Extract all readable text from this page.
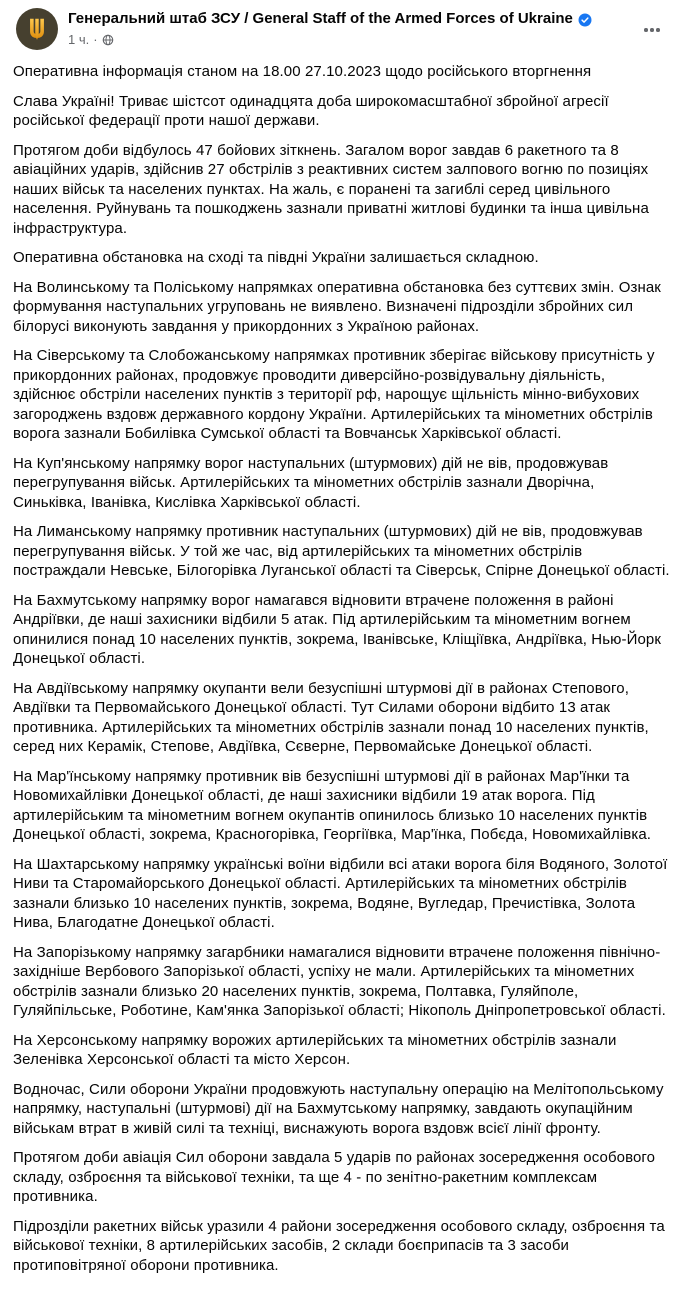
Генеральний штаб ЗСУ / General Staff of the Armed Forces of Ukraine
1 ч. ·

Оперативна інформація станом на 18.00 27.10.2023 щодо російського вторгнення

Слава Україні! Триває шістсот одинадцята доба широкомасштабної збройної агресії російської федерації проти нашої держави.

Протягом доби відбулось 47 бойових зіткнень. Загалом ворог завдав 6 ракетного та 8 авіаційних ударів, здійснив 27 обстрілів з реактивних систем залпового вогню по позиціях наших військ та населених пунктах. На жаль, є поранені та загиблі серед цивільного населення. Руйнувань та пошкоджень зазнали приватні житлові будинки та інша цивільна інфраструктура.

Оперативна обстановка на сході та півдні України залишається складною.

На Волинському та Поліському напрямках оперативна обстановка без суттєвих змін. Ознак формування наступальних угруповань не виявлено. Визначені підрозділи збройних сил білорусі виконують завдання у прикордонних з Україною районах.

На Сіверському та Слобожанському напрямках противник зберігає військову присутність у прикордонних районах, продовжує проводити диверсійно-розвідувальну діяльність, здійснює обстріли населених пунктів з території рф, нарощує щільність мінно-вибухових загороджень вздовж державного кордону України. Артилерійських та мінометних обстрілів ворога зазнали Бобилівка Сумської області та Вовчанськ Харківської області.

На Куп'янському напрямку ворог наступальних (штурмових) дій не вів, продовжував перегрупування військ. Артилерійських та мінометних обстрілів зазнали Дворічна, Синьківка, Іванівка, Кислівка Харківської області.

На Лиманському напрямку противник наступальних (штурмових) дій не вів, продовжував перегрупування військ. У той же час, від артилерійських та мінометних обстрілів постраждали Невське, Білогорівка Луганської області та Сіверськ, Спірне Донецької області.

На Бахмутському напрямку ворог намагався відновити втрачене положення в районі Андріївки, де наші захисники відбили 5 атак. Під артилерійським та мінометним вогнем опинилися понад 10 населених пунктів, зокрема, Іванівське, Кліщіївка, Андріївка, Нью-Йорк Донецької області.

На Авдіївському напрямку окупанти вели безуспішні штурмові дії в районах Степового, Авдіївки та Первомайського Донецької області. Тут Силами оборони відбито 13 атак противника. Артилерійських та мінометних обстрілів зазнали понад 10 населених пунктів, серед них Керамік, Степове, Авдіївка, Сєверне, Первомайське Донецької області.

На Мар'їнському напрямку противник вів безуспішні штурмові дії в районах Мар'їнки та Новомихайлівки Донецької області, де наші захисники відбили 19 атак ворога. Під артилерійським та мінометним вогнем окупантів опинилось близько 10 населених пунктів Донецької області, зокрема, Красногорівка, Георгіївка, Мар'їнка, Побєда, Новомихайлівка.

На Шахтарському напрямку українські воїни відбили всі атаки ворога біля Водяного, Золотої Ниви та Старомайорського Донецької області. Артилерійських та мінометних обстрілів зазнали близько 10 населених пунктів, зокрема, Водяне, Вугледар, Пречистівка, Золота Нива, Благодатне Донецької області.

На Запорізькому напрямку загарбники намагалися відновити втрачене положення північно-західніше Вербового Запорізької області, успіху не мали. Артилерійських та мінометних обстрілів зазнали близько 20 населених пунктів, зокрема, Полтавка, Гуляйполе, Гуляйпільське, Роботине, Кам'янка Запорізької області; Нікополь Дніпропетровської області.

На Херсонському напрямку ворожих артилерійських та мінометних обстрілів зазнали Зеленівка Херсонської області та місто Херсон.

Водночас, Сили оборони України продовжують наступальну операцію на Мелітопольському напрямку, наступальні (штурмові) дії на Бахмутському напрямку, завдають окупаційним військам втрат в живій силі та техніці, виснажують ворога вздовж всієї лінії фронту.

Протягом доби авіація Сил оборони завдала 5 ударів по районах зосередження особового складу, озброєння та військової техніки, та ще 4 - по зенітно-ракетним комплексам противника.

Підрозділи ракетних військ уразили 4 райони зосередження особового складу, озброєння та військової техніки, 8 артилерійських засобів, 2 склади боєприпасів та 3 засоби протиповітряної оборони противника.
